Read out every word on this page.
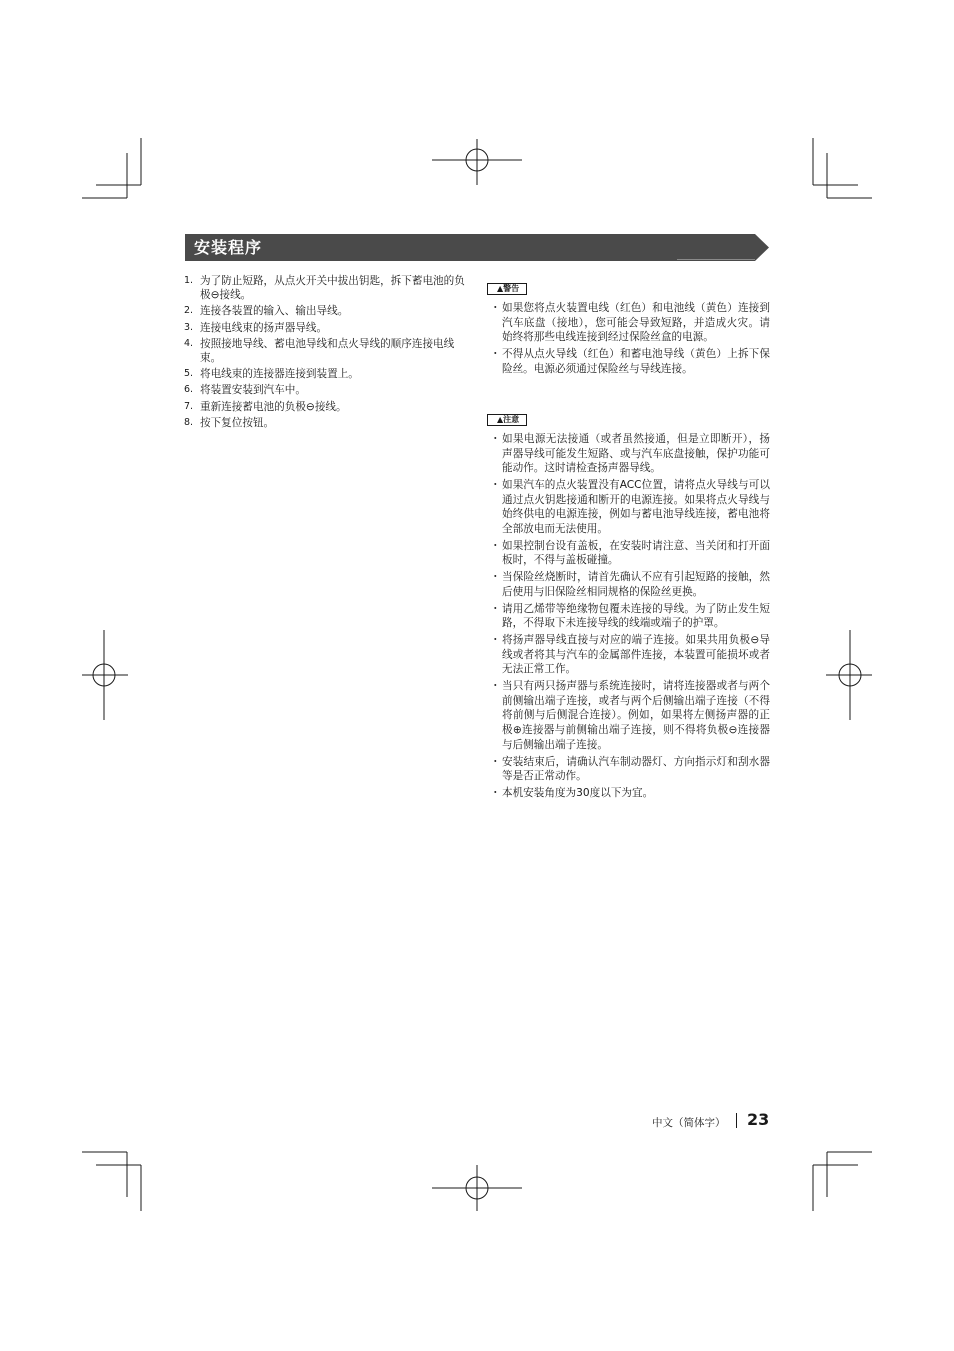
安装程序
1. 为了防止短路，从点火开关中拔出钥匙，拆下蓄电池的负极⊖接线。
2. 连接各装置的输入、输出导线。
3. 连接电线束的扬声器导线。
4. 按照接地导线、蓄电池导线和点火导线的顺序连接电线束。
5. 将电线束的连接器连接到装置上。
6. 将装置安装到汽车中。
7. 重新连接蓄电池的负极⊖接线。
8. 按下复位按钮。
▲警告
・ 如果您将点火装置电线（红色）和电池线（黄色）连接到汽车底盘（接地），您可能会导致短路，并造成火灾。请始终将那些电线连接到经过保险丝盒的电源。
・ 不得从点火导线（红色）和蓄电池导线（黄色）上拆下保险丝。电源必须通过保险丝与导线连接。
▲注意
・ 如果电源无法接通（或者虽然接通，但是立即断开），扬声器导线可能发生短路、或与汽车底盘接触，保护功能可能动作。这时请检查扬声器导线。
・ 如果汽车的点火装置没有ACC位置，请将点火导线与可以通过点火钥匙接通和断开的电源连接。如果将点火导线与始终供电的电源连接，例如与蓄电池导线连接，蓄电池将全部放电而无法使用。
・ 如果控制台设有盖板，在安装时请注意、当关闭和打开面板时，不得与盖板碰撞。
・ 当保险丝烧断时，请首先确认不应有引起短路的接触，然后使用与旧保险丝相同规格的保险丝更换。
・ 请用乙烯带等绝缘物包覆未连接的导线。为了防止发生短路，不得取下未连接导线的线端或端子的护罩。
・ 将扬声器导线直接与对应的端子连接。如果共用负极⊖导线或者将其与汽车的金属部件连接，本装置可能损坏或者无法正常工作。
・ 当只有两只扬声器与系统连接时，请将连接器或者与两个前侧输出端子连接，或者与两个后侧输出端子连接（不得将前侧与后侧混合连接）。例如，如果将左侧扬声器的正极⊕连接器与前侧输出端子连接，则不得将负极⊖连接器与后侧输出端子连接。
・ 安装结束后，请确认汽车制动器灯、方向指示灯和刮水器等是否正常动作。
・ 本机安装角度为30度以下为宜。
中文（简体字） 23
